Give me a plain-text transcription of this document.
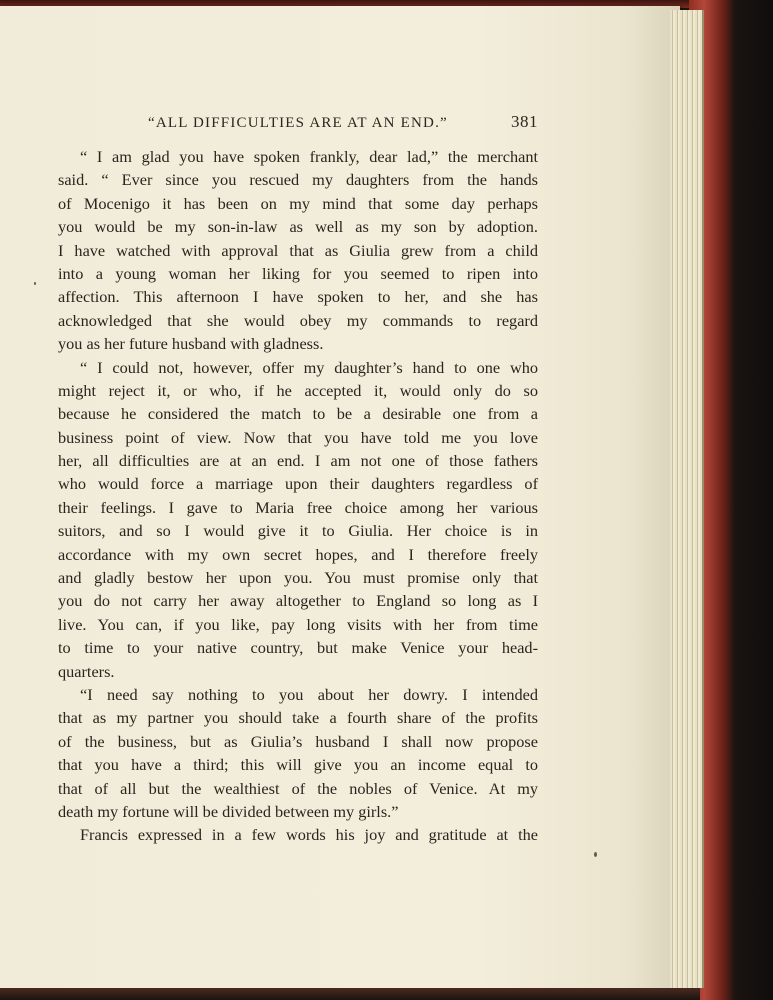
“ALL DIFFICULTIES ARE AT AN END.”	381
“ I am glad you have spoken frankly, dear lad,” the merchant
said. “ Ever since you rescued my daughters from the hands
of Mocenigo it has been on my mind that some day perhaps
you would be my son-in-law as well as my son by adoption.
I have watched with approval that as Giulia grew from a child
into a young woman her liking for you seemed to ripen into
affection. This afternoon I have spoken to her, and she has
acknowledged that she would obey my commands to regard
you as her future husband with gladness.
“ I could not, however, offer my daughter’s hand to one who
might reject it, or who, if he accepted it, would only do so
because he considered the match to be a desirable one from a
business point of view. Now that you have told me you love
her, all difficulties are at an end. I am not one of those fathers
who would force a marriage upon their daughters regardless of
their feelings. I gave to Maria free choice among her various
suitors, and so I would give it to Giulia. Her choice is in
accordance with my own secret hopes, and I therefore freely
and gladly bestow her upon you. You must promise only that
you do not carry her away altogether to England so long as I
live. You can, if you like, pay long visits with her from time
to time to your native country, but make Venice your head-
quarters.
“I need say nothing to you about her dowry. I intended
that as my partner you should take a fourth share of the profits
of the business, but as Giulia’s husband I shall now propose
that you have a third; this will give you an income equal to
that of all but the wealthiest of the nobles of Venice. At my
death my fortune will be divided between my girls.”
Francis expressed in a few words his joy and gratitude at the
